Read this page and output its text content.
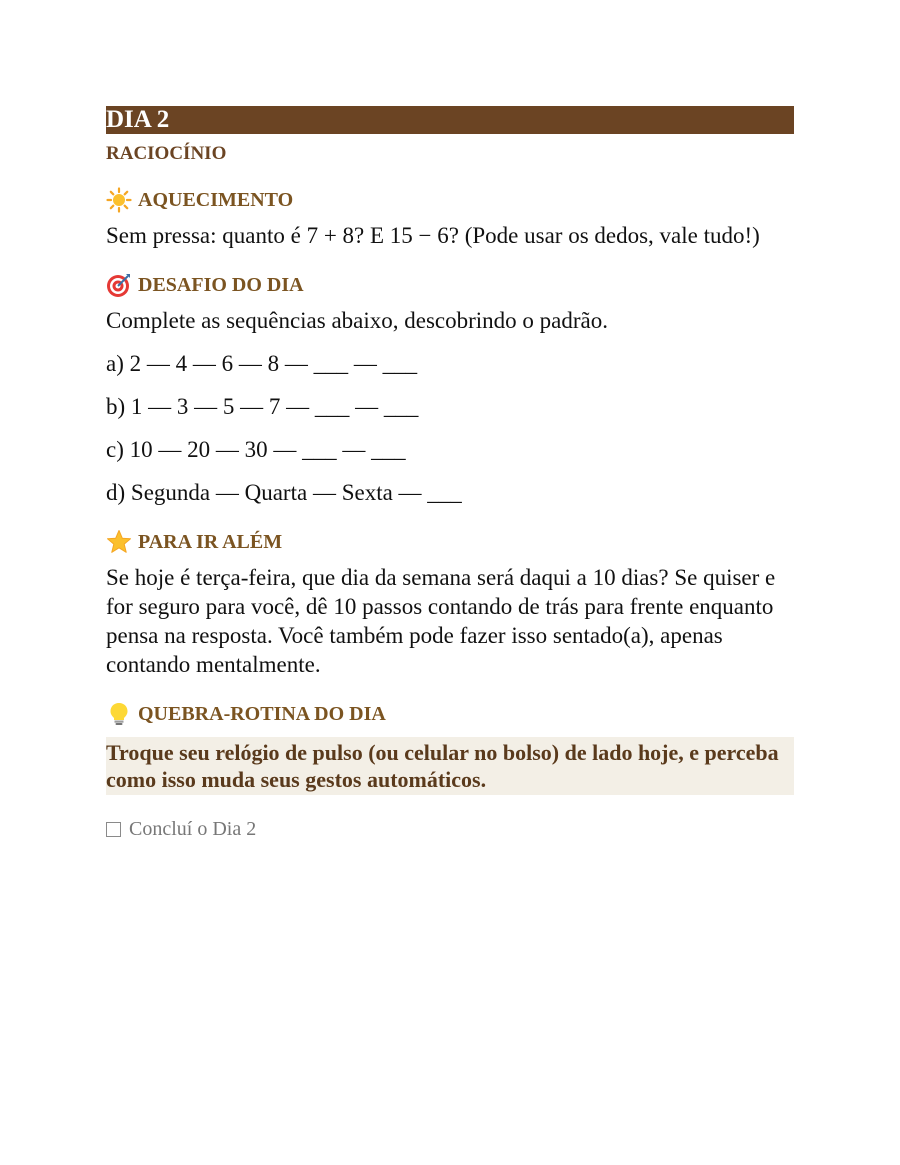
DIA 2
RACIOCÍNIO
AQUECIMENTO

Sem pressa: quanto é 7 + 8? E 15 − 6? (Pode usar os dedos, vale tudo!)

DESAFIO DO DIA

Complete as sequências abaixo, descobrindo o padrão.

a) 2 — 4 — 6 — 8 — ___ — ___
b) 1 — 3 — 5 — 7 — ___ — ___
c) 10 — 20 — 30 — ___ — ___
d) Segunda — Quarta — Sexta — ___
PARA IR ALÉM

Se hoje é terça-feira, que dia da semana será daqui a 10 dias? Se quiser e for seguro para você, dê 10 passos contando de trás para frente enquanto pensa na resposta. Você também pode fazer isso sentado(a), apenas contando mentalmente.

QUEBRA-ROTINA DO DIA
Troque seu relógio de pulso (ou celular no bolso) de lado hoje, e perceba como isso muda seus gestos automáticos.
Concluí o Dia 2
